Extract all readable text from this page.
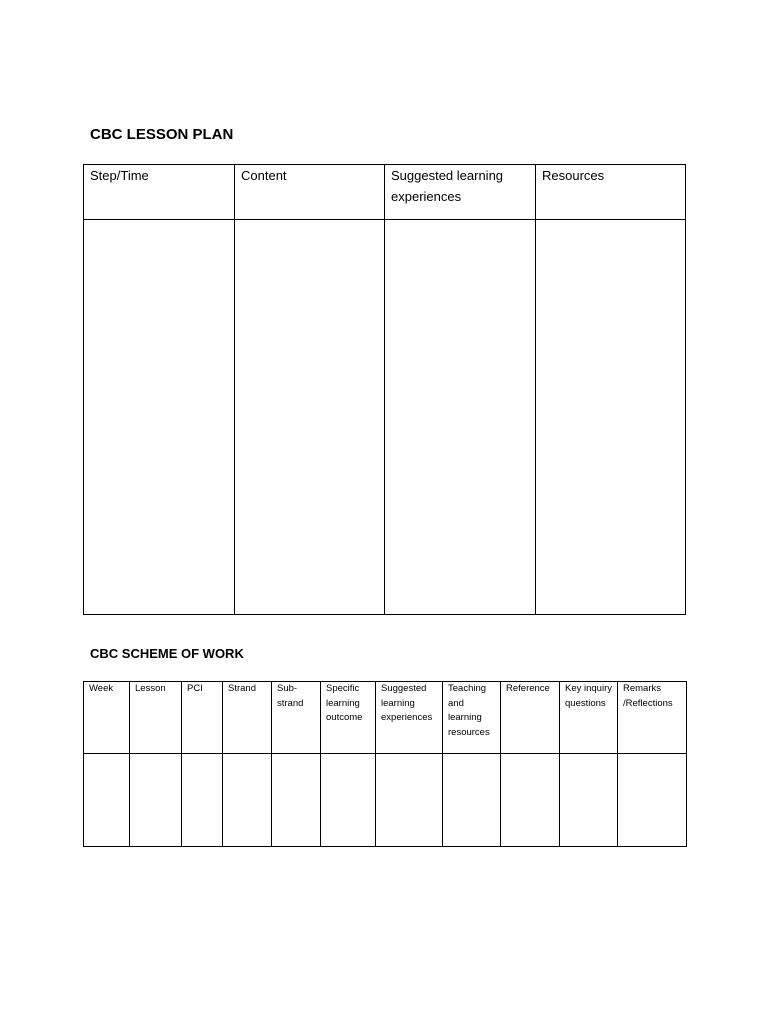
CBC LESSON PLAN
Step/Time	Content	Suggested learning experiences	Resources

CBC SCHEME OF WORK
Week	Lesson	PCI	Strand	Sub-strand	Specific learning outcome	Suggested learning experiences	Teaching and learning resources	Reference	Key inquiry questions	Remarks /Reflections
